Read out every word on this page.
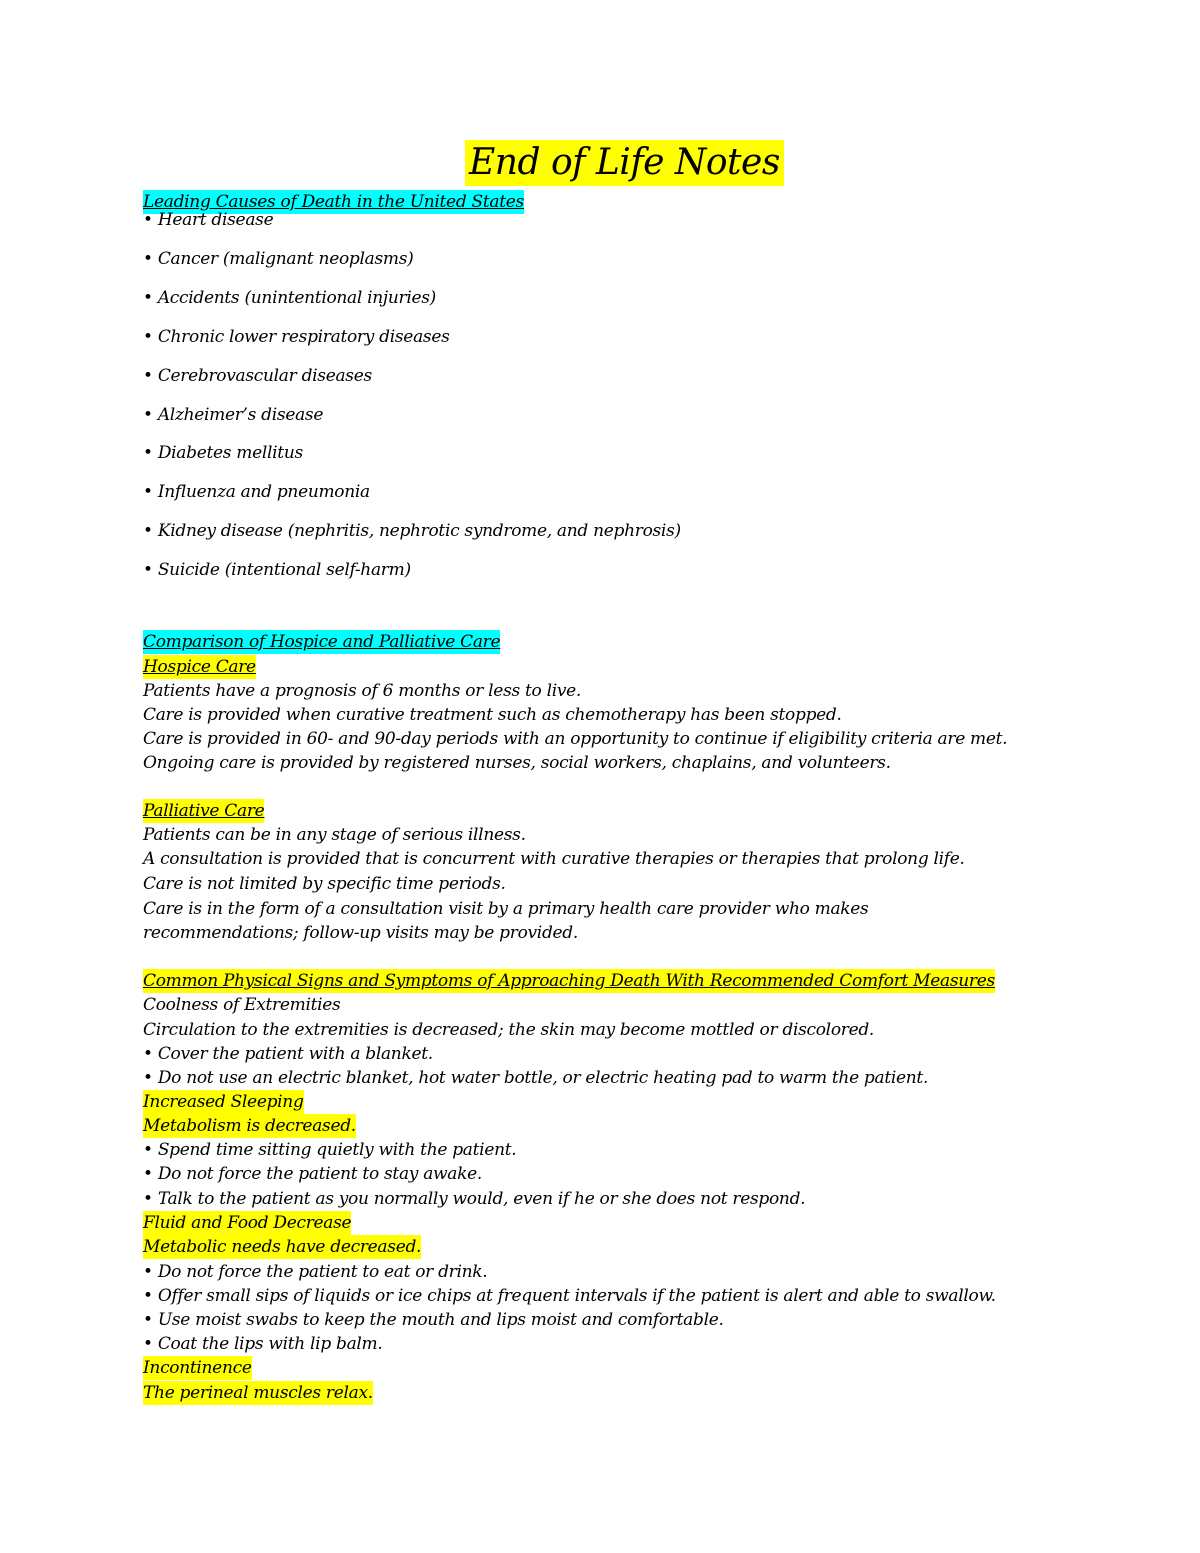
End of Life Notes
Leading Causes of Death in the United States
• Heart disease
• Cancer (malignant neoplasms)
• Accidents (unintentional injuries)
• Chronic lower respiratory diseases
• Cerebrovascular diseases
• Alzheimer’s disease
• Diabetes mellitus
• Influenza and pneumonia
• Kidney disease (nephritis, nephrotic syndrome, and nephrosis)
• Suicide (intentional self-harm)
Comparison of Hospice and Palliative Care
Hospice Care
Patients have a prognosis of 6 months or less to live.
Care is provided when curative treatment such as chemotherapy has been stopped.
Care is provided in 60- and 90-day periods with an opportunity to continue if eligibility criteria are met.
Ongoing care is provided by registered nurses, social workers, chaplains, and volunteers.
Palliative Care
Patients can be in any stage of serious illness.
A consultation is provided that is concurrent with curative therapies or therapies that prolong life.
Care is not limited by specific time periods.
Care is in the form of a consultation visit by a primary health care provider who makes
recommendations; follow-up visits may be provided.
Common Physical Signs and Symptoms of Approaching Death With Recommended Comfort Measures
Coolness of Extremities
Circulation to the extremities is decreased; the skin may become mottled or discolored.
• Cover the patient with a blanket.
• Do not use an electric blanket, hot water bottle, or electric heating pad to warm the patient.
Increased Sleeping
Metabolism is decreased.
• Spend time sitting quietly with the patient.
• Do not force the patient to stay awake.
• Talk to the patient as you normally would, even if he or she does not respond.
Fluid and Food Decrease
Metabolic needs have decreased.
• Do not force the patient to eat or drink.
• Offer small sips of liquids or ice chips at frequent intervals if the patient is alert and able to swallow.
• Use moist swabs to keep the mouth and lips moist and comfortable.
• Coat the lips with lip balm.
Incontinence
The perineal muscles relax.
